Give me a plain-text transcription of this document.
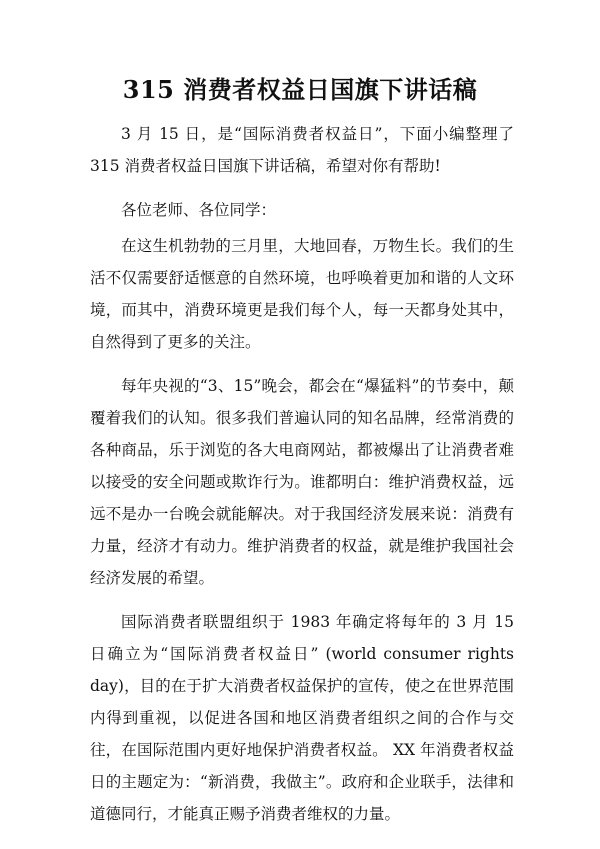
315 消费者权益日国旗下讲话稿

3 月 15 日，是“国际消费者权益日”，下面小编整理了 315 消费者权益日国旗下讲话稿，希望对你有帮助!

各位老师、各位同学：

在这生机勃勃的三月里，大地回春，万物生长。我们的生活不仅需要舒适惬意的自然环境，也呼唤着更加和谐的人文环境，而其中，消费环境更是我们每个人，每一天都身处其中，自然得到了更多的关注。

每年央视的“3、15”晚会，都会在“爆猛料”的节奏中，颠覆着我们的认知。很多我们普遍认同的知名品牌，经常消费的各种商品，乐于浏览的各大电商网站，都被爆出了让消费者难以接受的安全问题或欺诈行为。谁都明白：维护消费权益，远远不是办一台晚会就能解决。对于我国经济发展来说：消费有力量，经济才有动力。维护消费者的权益，就是维护我国社会经济发展的希望。

国际消费者联盟组织于 1983 年确定将每年的 3 月 15 日确立为“国际消费者权益日” (world consumer rights day)，目的在于扩大消费者权益保护的宣传，使之在世界范围内得到重视，以促进各国和地区消费者组织之间的合作与交往，在国际范围内更好地保护消费者权益。 XX 年消费者权益日的主题定为：“新消费，我做主”。政府和企业联手，法律和道德同行，才能真正赐予消费者维权的力量。
